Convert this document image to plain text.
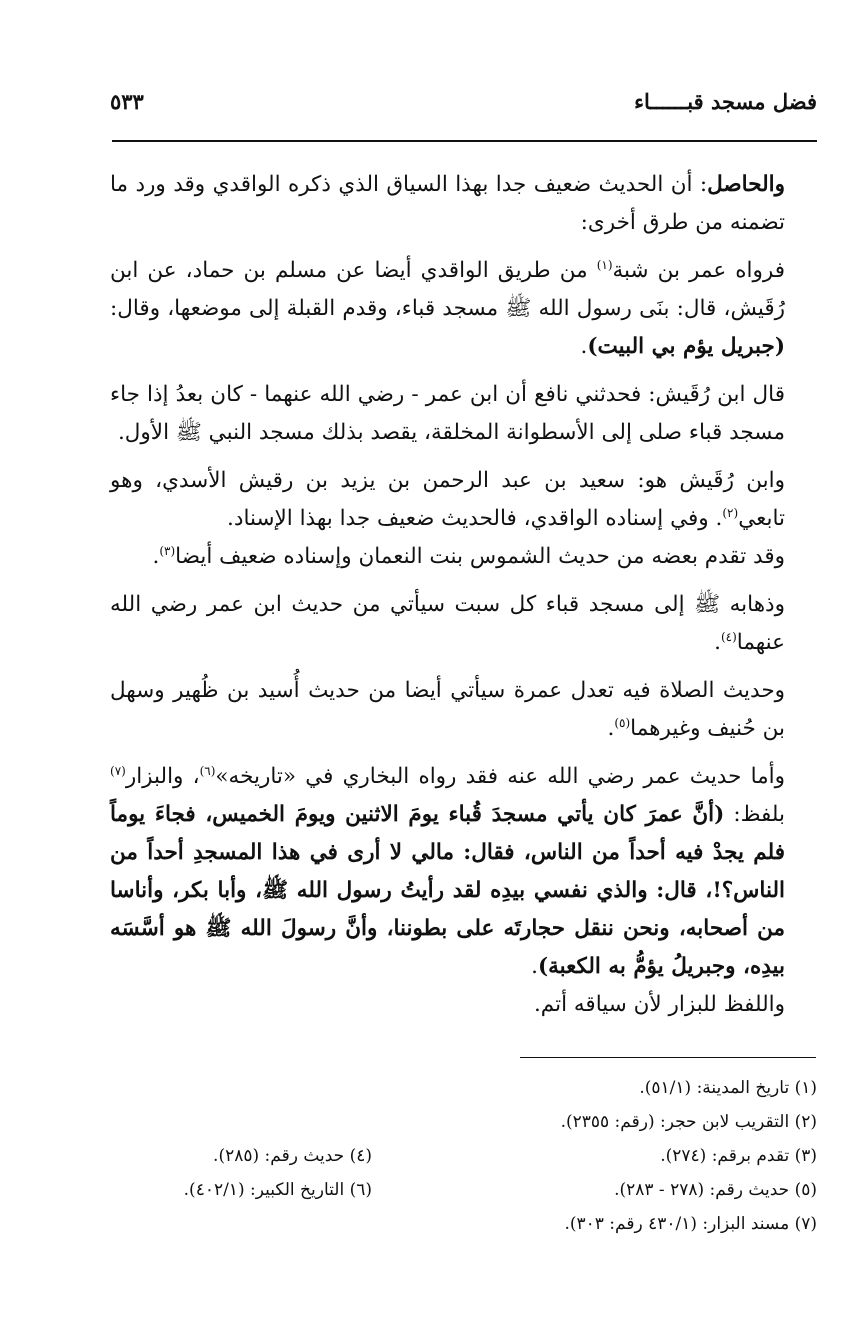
فضل مسجد قبــــــاء
٥٣٣

والحاصل: أن الحديث ضعيف جدا بهذا السياق الذي ذكره الواقدي وقد ورد ما تضمنه من طرق أخرى:

فرواه عمر بن شبة$^{(١)}$ من طريق الواقدي أيضا عن مسلم بن حماد، عن ابن رُقَيش، قال: بنَى رسول الله ﷺ مسجد قباء، وقدم القبلة إلى موضعها، وقال: (جبريل يؤم بي البيت).

قال ابن رُقَيش: فحدثني نافع أن ابن عمر - رضي الله عنهما - كان بعدُ إذا جاء مسجد قباء صلى إلى الأسطوانة المخلقة، يقصد بذلك مسجد النبي ﷺ الأول.

وابن رُقَيش هو: سعيد بن عبد الرحمن بن يزيد بن رقيش الأسدي، وهو تابعي$^{(٢)}$. وفي إسناده الواقدي، فالحديث ضعيف جدا بهذا الإسناد.

وقد تقدم بعضه من حديث الشموس بنت النعمان وإسناده ضعيف أيضا$^{(٣)}$.

وذهابه ﷺ إلى مسجد قباء كل سبت سيأتي من حديث ابن عمر رضي الله عنهما$^{(٤)}$.

وحديث الصلاة فيه تعدل عمرة سيأتي أيضا من حديث أُسيد بن ظُهير وسهل بن حُنيف وغيرهما$^{(٥)}$.

وأما حديث عمر رضي الله عنه فقد رواه البخاري في «تاريخه»$^{(٦)}$، والبزار$^{(٧)}$ بلفظ: (أنَّ عمرَ كان يأتي مسجدَ قُباء يومَ الاثنين ويومَ الخميس، فجاءَ يوماً فلم يجدْ فيه أحداً من الناس، فقال: مالي لا أرى في هذا المسجدِ أحداً من الناس؟!، قال: والذي نفسي بيدِه لقد رأيتُ رسول الله ﷺ، وأبا بكر، وأناسا من أصحابه، ونحن ننقل حجارتَه على بطوننا، وأنَّ رسولَ الله ﷺ هو أسَّسَه بيدِه، وجبريلُ يؤمُّ به الكعبة).

واللفظ للبزار لأن سياقه أتم.

(١) تاريخ المدينة: (٥١/١).
(٢) التقريب لابن حجر: (رقم: ٢٣٥٥).
(٣) تقدم برقم: (٢٧٤).
(٤) حديث رقم: (٢٨٥).
(٥) حديث رقم: (٢٧٨ - ٢٨٣).
(٦) التاريخ الكبير: (٤٠٢/١).
(٧) مسند البزار: (٤٣٠/١ رقم: ٣٠٣).
